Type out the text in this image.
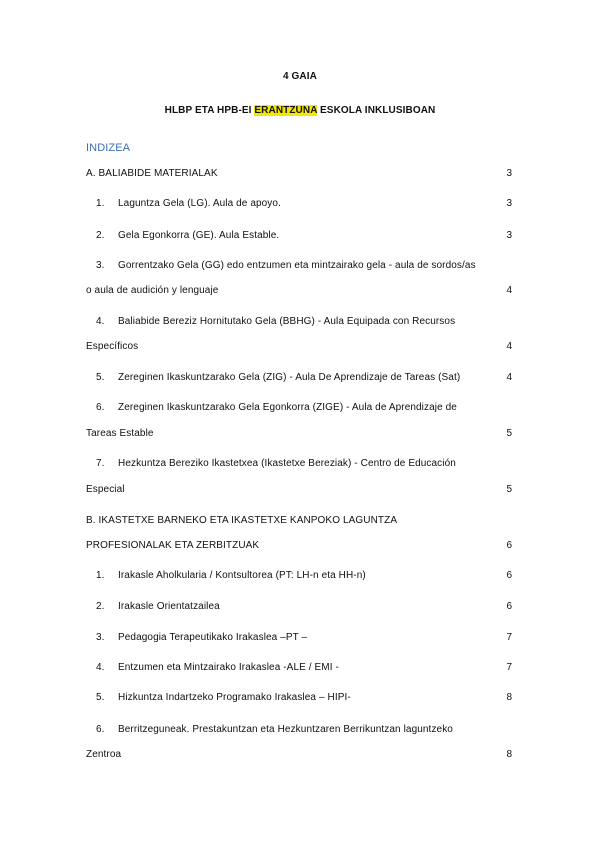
4 GAIA
HLBP ETA HPB-EI ERANTZUNA ESKOLA INKLUSIBOAN
INDIZEA
A. BALIABIDE MATERIALAK	3
1. Laguntza Gela (LG). Aula de apoyo.	3
2. Gela Egonkorra (GE). Aula Estable.	3
3. Gorrentzako Gela (GG) edo entzumen eta mintzairako gela - aula de sordos/as
o aula de audición y lenguaje	4
4. Baliabide Bereziz Hornitutako Gela (BBHG) - Aula Equipada con Recursos
Específicos	4
5. Zereginen Ikaskuntzarako Gela (ZIG) - Aula De Aprendizaje de Tareas (Sat)	4
6. Zereginen Ikaskuntzarako Gela Egonkorra (ZIGE) - Aula de Aprendizaje de
Tareas Estable	5
7. Hezkuntza Bereziko Ikastetxea (Ikastetxe Bereziak) - Centro de Educación
Especial	5
B. IKASTETXE BARNEKO ETA IKASTETXE KANPOKO LAGUNTZA
PROFESIONALAK ETA ZERBITZUAK	6
1. Irakasle Aholkularia / Kontsultorea (PT: LH-n eta HH-n)	6
2. Irakasle Orientatzailea	6
3. Pedagogia Terapeutikako Irakaslea –PT –	7
4. Entzumen eta Mintzairako Irakaslea -ALE / EMI -	7
5. Hizkuntza Indartzeko Programako Irakaslea – HIPI-	8
6. Berritzeguneak. Prestakuntzan eta Hezkuntzaren Berrikuntzan laguntzeko
Zentroa	8
